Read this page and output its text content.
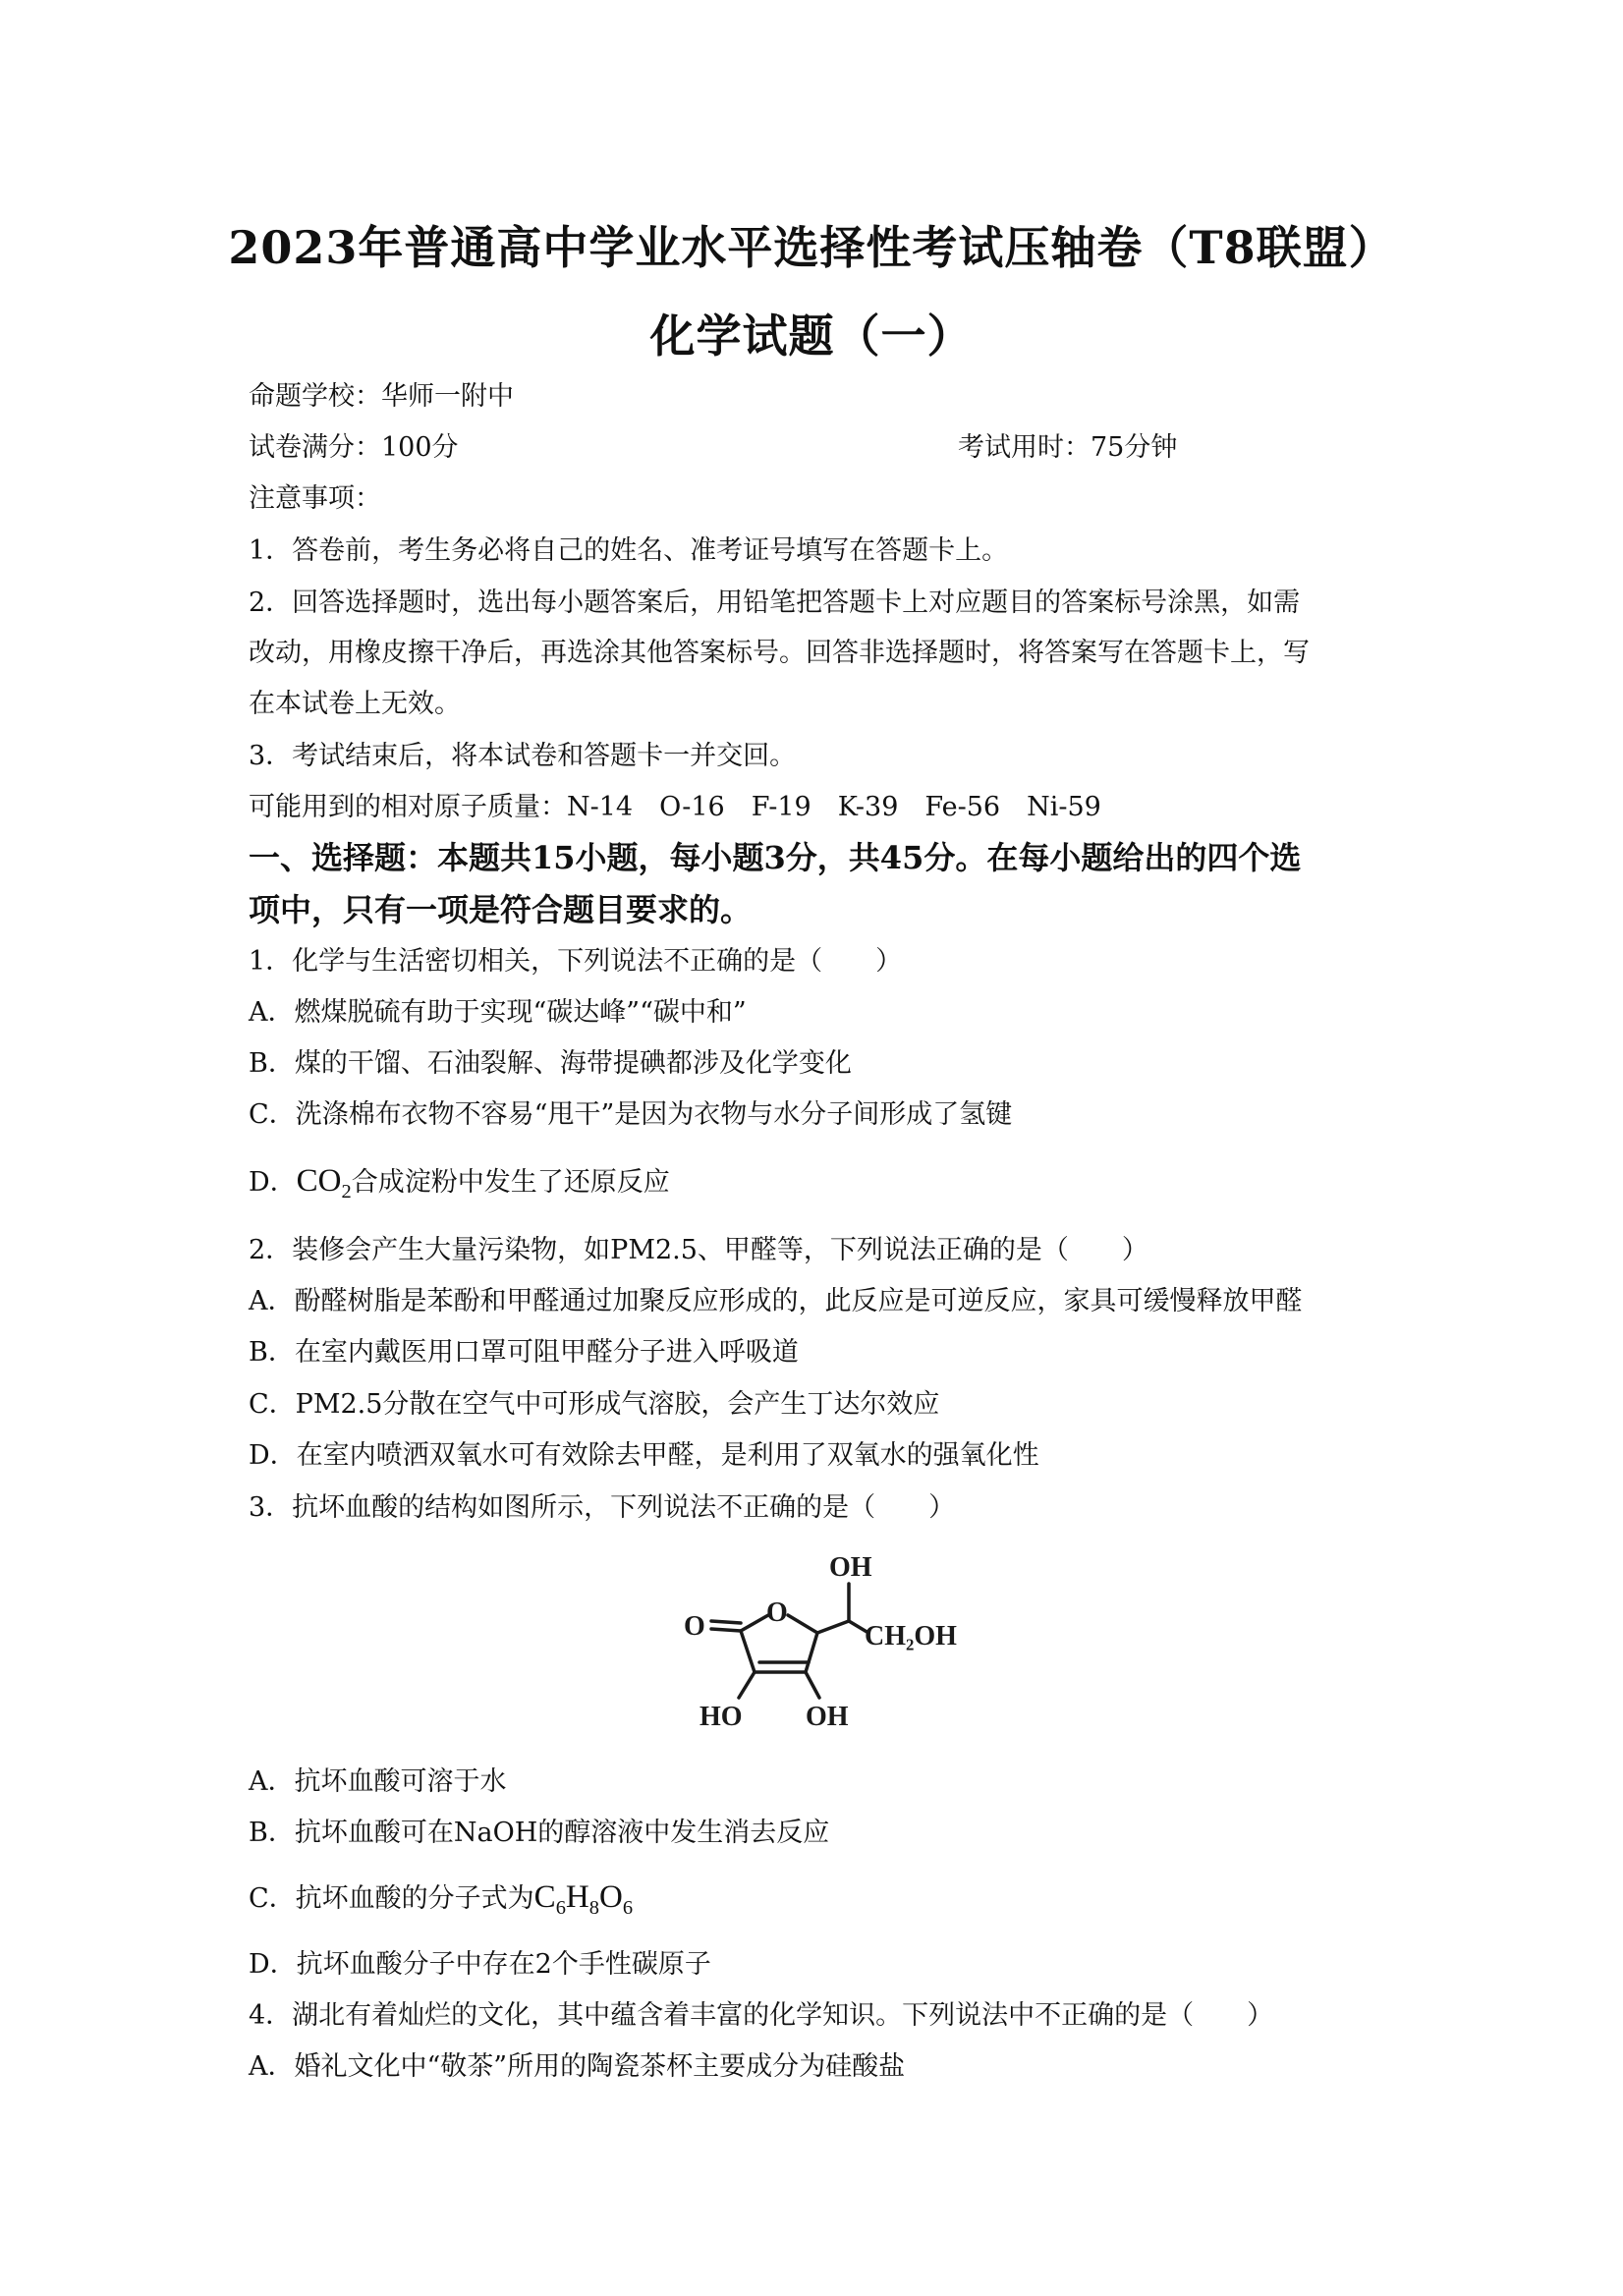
2023年普通高中学业水平选择性考试压轴卷（T8联盟）
化学试题（一）
命题学校：华师一附中
试卷满分：100分	考试用时：75分钟
注意事项：
1．答卷前，考生务必将自己的姓名、准考证号填写在答题卡上。
2．回答选择题时，选出每小题答案后，用铅笔把答题卡上对应题目的答案标号涂黑，如需
改动，用橡皮擦干净后，再选涂其他答案标号。回答非选择题时，将答案写在答题卡上，写
在本试卷上无效。
3．考试结束后，将本试卷和答题卡一并交回。
可能用到的相对原子质量：N-14　O-16　F-19　K-39　Fe-56　Ni-59
一、选择题：本题共15小题，每小题3分，共45分。在每小题给出的四个选
项中，只有一项是符合题目要求的。
1．化学与生活密切相关，下列说法不正确的是（　　）
A．燃煤脱硫有助于实现“碳达峰”“碳中和”
B．煤的干馏、石油裂解、海带提碘都涉及化学变化
C．洗涤棉布衣物不容易“甩干”是因为衣物与水分子间形成了氢键
D．$CO_2$合成淀粉中发生了还原反应
2．装修会产生大量污染物，如PM2.5、甲醛等，下列说法正确的是（　　）
A．酚醛树脂是苯酚和甲醛通过加聚反应形成的，此反应是可逆反应，家具可缓慢释放甲醛
B．在室内戴医用口罩可阻甲醛分子进入呼吸道
C．PM2.5分散在空气中可形成气溶胶，会产生丁达尔效应
D．在室内喷洒双氧水可有效除去甲醛，是利用了双氧水的强氧化性
3．抗坏血酸的结构如图所示，下列说法不正确的是（　　）
O O
OH
CH₂OH
HO OH
A．抗坏血酸可溶于水
B．抗坏血酸可在NaOH的醇溶液中发生消去反应
C．抗坏血酸的分子式为$C_6H_8O_6$
D．抗坏血酸分子中存在2个手性碳原子
4．湖北有着灿烂的文化，其中蕴含着丰富的化学知识。下列说法中不正确的是（　　）
A．婚礼文化中“敬茶”所用的陶瓷茶杯主要成分为硅酸盐
